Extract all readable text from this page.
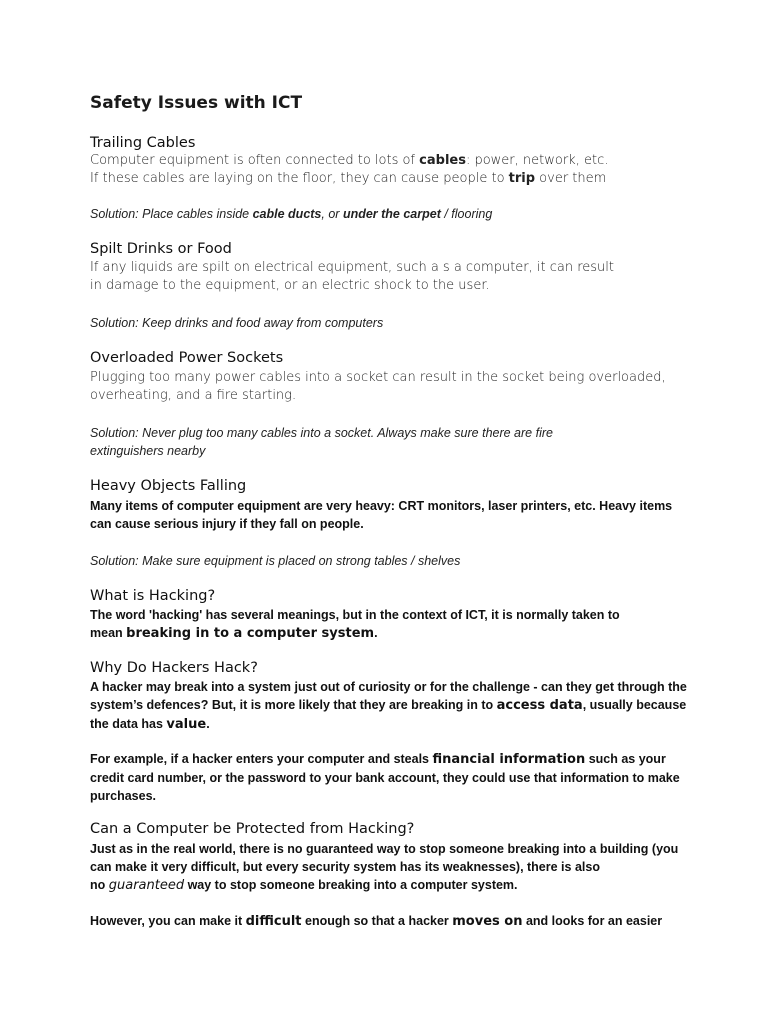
Safety Issues with ICT
Trailing Cables
Computer equipment is often connected to lots of cables: power, network, etc.
If these cables are laying on the floor, they can cause people to trip over them
Solution: Place cables inside cable ducts, or under the carpet / flooring
Spilt Drinks or Food
If any liquids are spilt on electrical equipment, such a s a computer, it can result
in damage to the equipment, or an electric shock to the user.
Solution: Keep drinks and food away from computers
Overloaded Power Sockets
Plugging too many power cables into a socket can result in the socket being overloaded,
overheating, and a fire starting.
Solution: Never plug too many cables into a socket. Always make sure there are fire
extinguishers nearby
Heavy Objects Falling
Many items of computer equipment are very heavy: CRT monitors, laser printers, etc. Heavy items
can cause serious injury if they fall on people.
Solution: Make sure equipment is placed on strong tables / shelves
What is Hacking?
The word 'hacking' has several meanings, but in the context of ICT, it is normally taken to
mean breaking in to a computer system.
Why Do Hackers Hack?
A hacker may break into a system just out of curiosity or for the challenge - can they get through the
system’s defences? But, it is more likely that they are breaking in to access data, usually because
the data has value.
For example, if a hacker enters your computer and steals financial information such as your
credit card number, or the password to your bank account, they could use that information to make
purchases.
Can a Computer be Protected from Hacking?
Just as in the real world, there is no guaranteed way to stop someone breaking into a building (you
can make it very difficult, but every security system has its weaknesses), there is also
no guaranteed way to stop someone breaking into a computer system.
However, you can make it difficult enough so that a hacker moves on and looks for an easier
